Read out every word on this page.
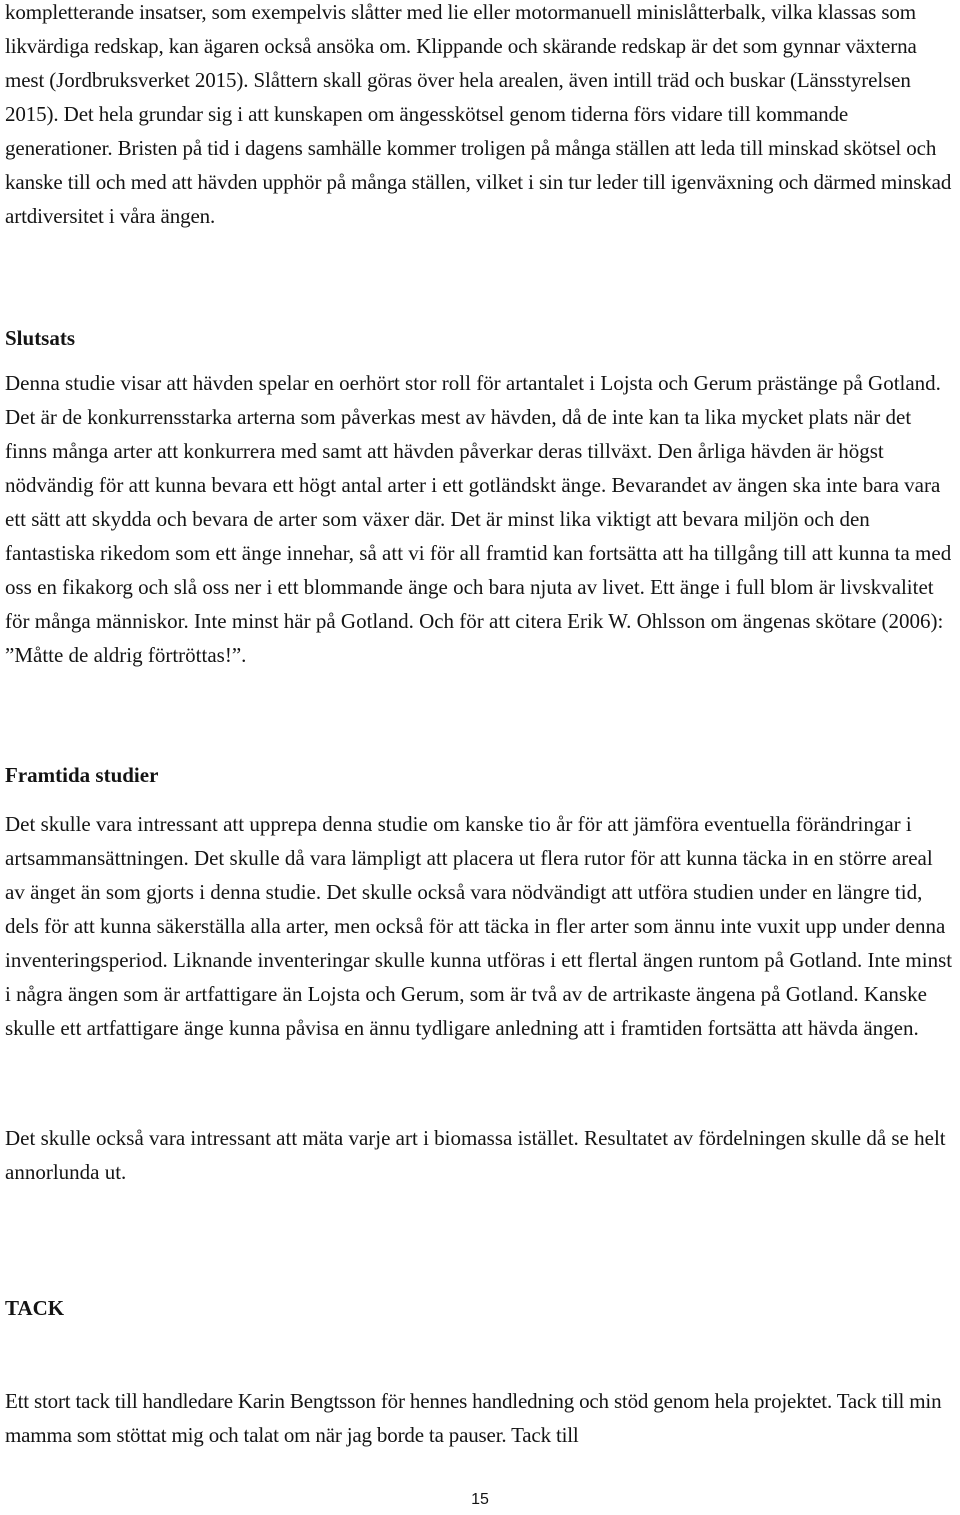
kompletterande insatser, som exempelvis slåtter med lie eller motormanuell minislåtterbalk, vilka klassas som likvärdiga redskap, kan ägaren också ansöka om. Klippande och skärande redskap är det som gynnar växterna mest (Jordbruksverket 2015). Slåttern skall göras över hela arealen, även intill träd och buskar (Länsstyrelsen 2015). Det hela grundar sig i att kunskapen om ängesskötsel genom tiderna förs vidare till kommande generationer. Bristen på tid i dagens samhälle kommer troligen på många ställen att leda till minskad skötsel och kanske till och med att hävden upphör på många ställen, vilket i sin tur leder till igenväxning och därmed minskad artdiversitet i våra ängen.

Slutsats

Denna studie visar att hävden spelar en oerhört stor roll för artantalet i Lojsta och Gerum prästänge på Gotland. Det är de konkurrensstarka arterna som påverkas mest av hävden, då de inte kan ta lika mycket plats när det finns många arter att konkurrera med samt att hävden påverkar deras tillväxt. Den årliga hävden är högst nödvändig för att kunna bevara ett högt antal arter i ett gotländskt änge. Bevarandet av ängen ska inte bara vara ett sätt att skydda och bevara de arter som växer där. Det är minst lika viktigt att bevara miljön och den fantastiska rikedom som ett änge innehar, så att vi för all framtid kan fortsätta att ha tillgång till att kunna ta med oss en fikakorg och slå oss ner i ett blommande änge och bara njuta av livet. Ett änge i full blom är livskvalitet för många människor. Inte minst här på Gotland. Och för att citera Erik W. Ohlsson om ängenas skötare (2006): ”Måtte de aldrig förtröttas!”.

Framtida studier

Det skulle vara intressant att upprepa denna studie om kanske tio år för att jämföra eventuella förändringar i artsammansättningen. Det skulle då vara lämpligt att placera ut flera rutor för att kunna täcka in en större areal av änget än som gjorts i denna studie. Det skulle också vara nödvändigt att utföra studien under en längre tid, dels för att kunna säkerställa alla arter, men också för att täcka in fler arter som ännu inte vuxit upp under denna inventeringsperiod. Liknande inventeringar skulle kunna utföras i ett flertal ängen runtom på Gotland. Inte minst i några ängen som är artfattigare än Lojsta och Gerum, som är två av de artrikaste ängena på Gotland. Kanske skulle ett artfattigare änge kunna påvisa en ännu tydligare anledning att i framtiden fortsätta att hävda ängen.

Det skulle också vara intressant att mäta varje art i biomassa istället. Resultatet av fördelningen skulle då se helt annorlunda ut.

TACK

Ett stort tack till handledare Karin Bengtsson för hennes handledning och stöd genom hela projektet. Tack till min mamma som stöttat mig och talat om när jag borde ta pauser. Tack till

15
